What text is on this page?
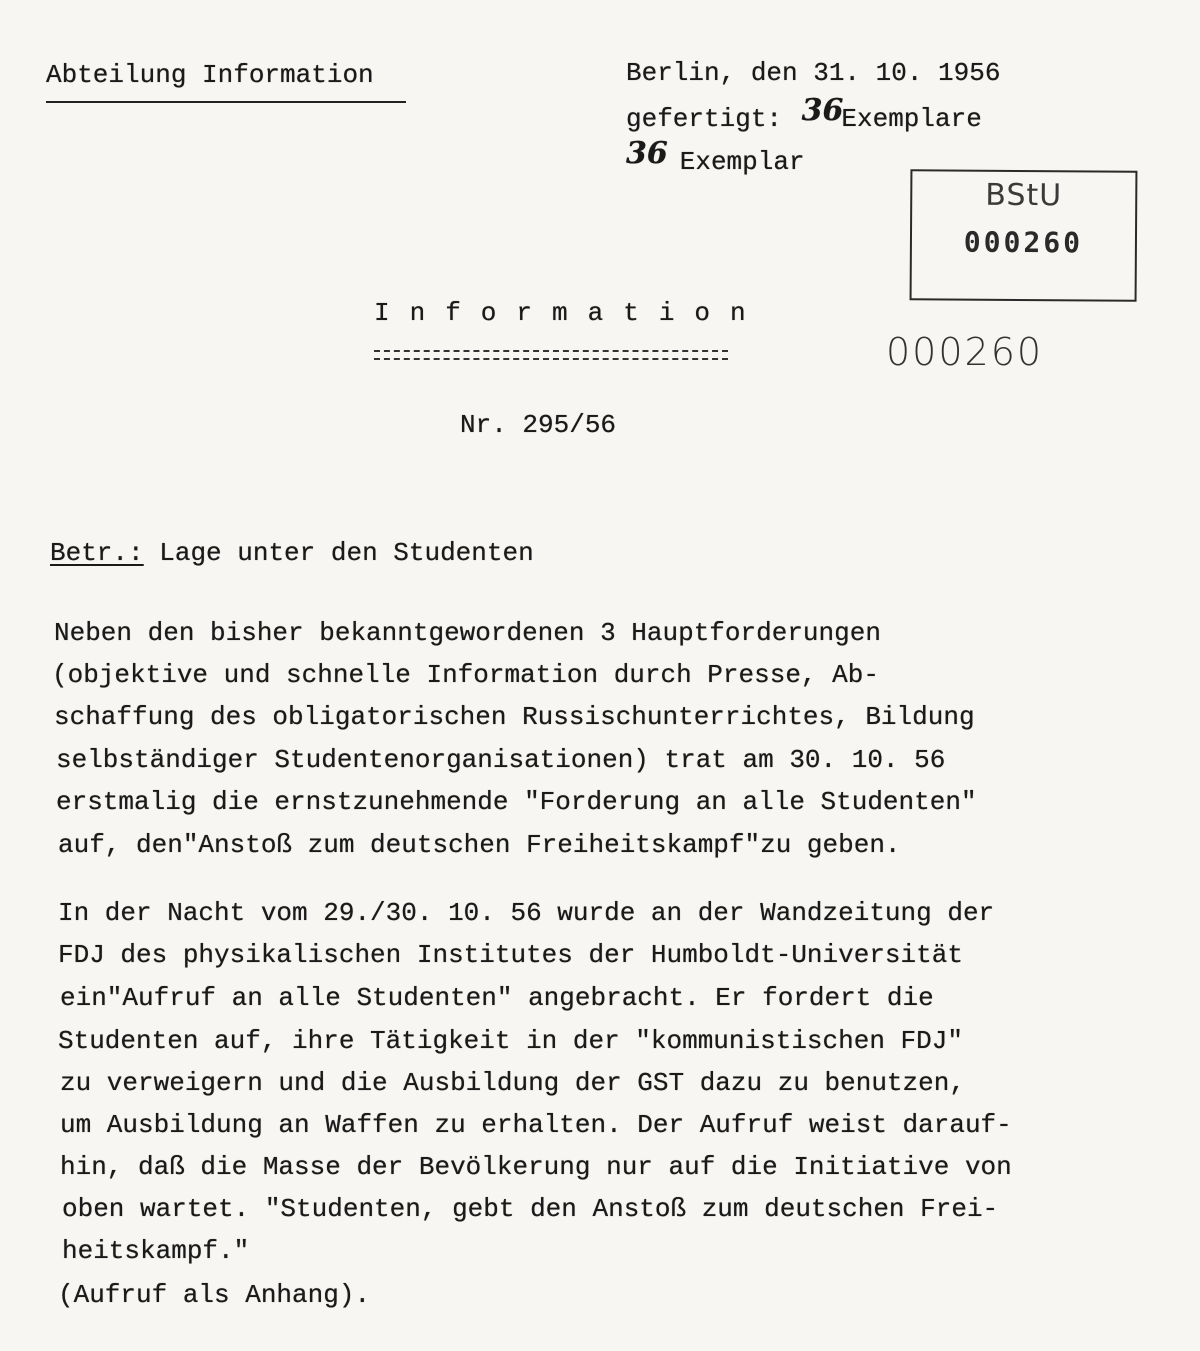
Abteilung Information	Berlin, den 31. 10. 1956
gefertigt: 36Exemplare
36 Exemplar
BStU
000260
000260
Information
Nr. 295/56
Betr.: Lage unter den Studenten
Neben den bisher bekanntgewordenen 3 Hauptforderungen
(objektive und schnelle Information durch Presse, Ab-
schaffung des obligatorischen Russischunterrichtes, Bildung
selbständiger Studentenorganisationen) trat am 30. 10. 56
erstmalig die ernstzunehmende "Forderung an alle Studenten"
auf, den"Anstoß zum deutschen Freiheitskampf"zu geben.
In der Nacht vom 29./30. 10. 56 wurde an der Wandzeitung der
FDJ des physikalischen Institutes der Humboldt-Universität
ein"Aufruf an alle Studenten" angebracht. Er fordert die
Studenten auf, ihre Tätigkeit in der "kommunistischen FDJ"
zu verweigern und die Ausbildung der GST dazu zu benutzen,
um Ausbildung an Waffen zu erhalten. Der Aufruf weist darauf-
hin, daß die Masse der Bevölkerung nur auf die Initiative von
oben wartet. "Studenten, gebt den Anstoß zum deutschen Frei-
heitskampf."
(Aufruf als Anhang).
